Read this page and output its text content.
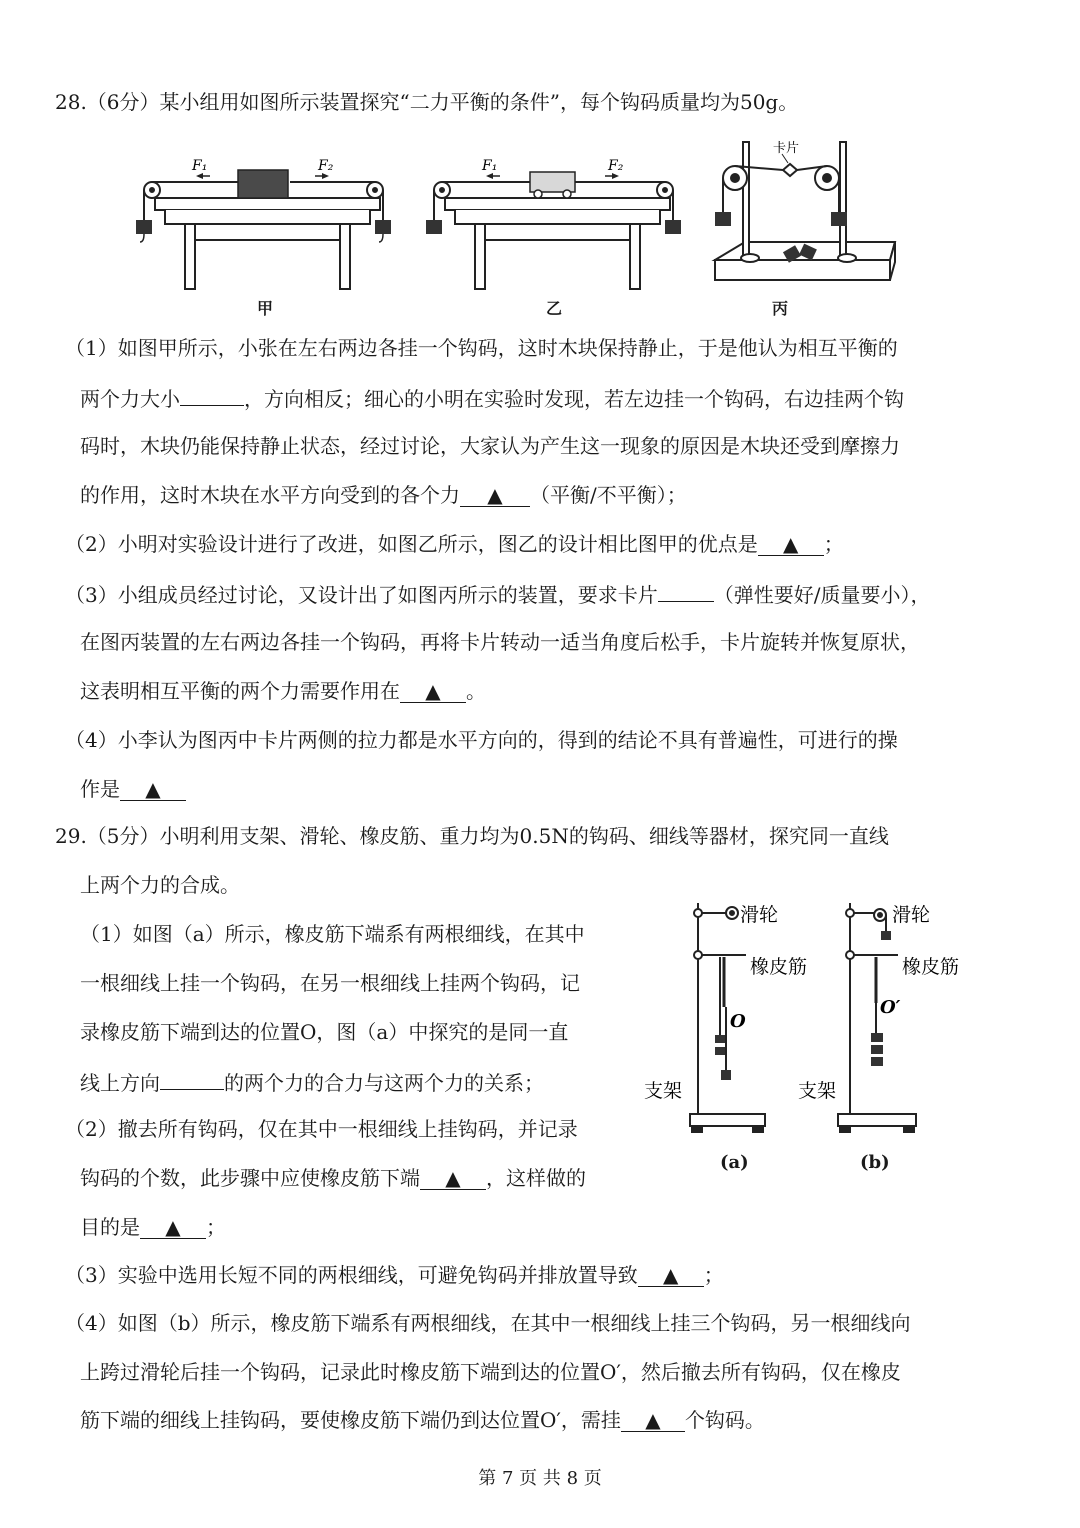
28.（6分）某小组用如图所示装置探究“二力平衡的条件”，每个钩码质量均为50g。
F₁	F₂
甲
F₁	F₂
乙
卡片
丙
（1）如图甲所示，小张在左右两边各挂一个钩码，这时木块保持静止，于是他认为相互平衡的
两个力大小	，方向相反；细心的小明在实验时发现，若左边挂一个钩码，右边挂两个钩
码时，木块仍能保持静止状态，经过讨论，大家认为产生这一现象的原因是木块还受到摩擦力
的作用，这时木块在水平方向受到的各个力 ▲ （平衡/不平衡）；
（2）小明对实验设计进行了改进，如图乙所示，图乙的设计相比图甲的优点是 ▲ ；
（3）小组成员经过讨论，又设计出了如图丙所示的装置，要求卡片	（弹性要好/质量要小），
在图丙装置的左右两边各挂一个钩码，再将卡片转动一适当角度后松手，卡片旋转并恢复原状，
这表明相互平衡的两个力需要作用在 ▲ 。
（4）小李认为图丙中卡片两侧的拉力都是水平方向的，得到的结论不具有普遍性，可进行的操
作是 ▲
29.（5分）小明利用支架、滑轮、橡皮筋、重力均为0.5N的钩码、细线等器材，探究同一直线
上两个力的合成。
（1）如图（a）所示，橡皮筋下端系有两根细线，在其中
一根细线上挂一个钩码，在另一根细线上挂两个钩码，记
录橡皮筋下端到达的位置O，图（a）中探究的是同一直
线上方向	的两个力的合力与这两个力的关系；
（2）撤去所有钩码，仅在其中一根细线上挂钩码，并记录
钩码的个数，此步骤中应使橡皮筋下端 ▲ ，这样做的
目的是 ▲ ；
滑轮
橡皮筋
O
支架
滑轮
橡皮筋
O′
支架
(a)	(b)
（3）实验中选用长短不同的两根细线，可避免钩码并排放置导致 ▲ ；
（4）如图（b）所示，橡皮筋下端系有两根细线，在其中一根细线上挂三个钩码，另一根细线向
上跨过滑轮后挂一个钩码，记录此时橡皮筋下端到达的位置O′，然后撤去所有钩码，仅在橡皮
筋下端的细线上挂钩码，要使橡皮筋下端仍到达位置O′，需挂 ▲ 个钩码。
第 7 页 共 8 页
